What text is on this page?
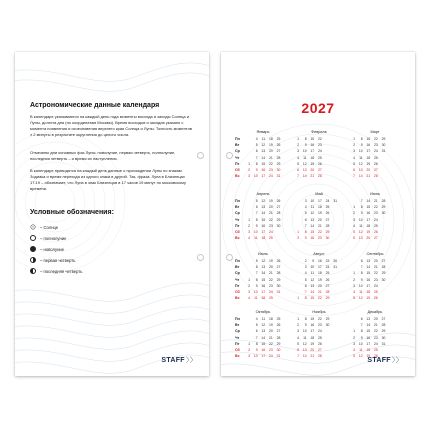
Астрономические данные календаря
В календаре указываются на каждый день года моменты восхода и заходы Солнца и Луны, долгота дня (по координатам Москвы). Время восходов и заходов указано с момента появления и исчезновения верхнего края Солнца и Луны. Точность моментов ± 2 минуты в результате округления до целого числа.
Отмечены дни основных фаз Луны: новолуние, первая четверть, полнолуние, последняя четверть – и время их наступления.
В календаре приводятся на каждый день данные о прохождении Луны по знакам Зодиака и время перехода из одного знака в другой. Так, фраза: Луна в Близнецах 17:19 – обозначает, что Луна в знак Близнецов в 17 часов 19 минут по московскому времени.
Условные обозначения:
– Солнце
– полнолуние
– новолуние
– первая четверть
– последняя четверть
STAFF〉〉
2027
Январь
Пн
Вт
Ср
Чт
Пт
Сб
Вс
1
2
3
4
5
6
7
8
9
10
11
12
13
14
15
16
17
18
19
20
21
22
23
24
25
26
27
28
29
30
31
Февраль
1
2
3
4
5
6
7
8
9
10
11
12
13
14
15
16
17
18
19
20
21
22
23
24
25
26
27
28
Март
1
2
3
4
5
6
7
8
9
10
11
12
13
14
15
16
17
18
19
20
21
22
23
24
25
26
27
28
29
30
31
Апрель
Пн
Вт
Ср
Чт
Пт
Сб
Вс
1
2
3
4
5
6
7
8
9
10
11
12
13
14
15
16
17
18
19
20
21
22
23
24
25
26
27
28
29
30
Май
1
2
3
4
5
6
7
8
9
10
11
12
13
14
15
16
17
18
19
20
21
22
23
24
25
26
27
28
29
30
31
Июнь
1
2
3
4
5
6
7
8
9
10
11
12
13
14
15
16
17
18
19
20
21
22
23
24
25
26
27
28
29
30
Июль
Пн
Вт
Ср
Чт
Пт
Сб
Вс
1
2
3
4
5
6
7
8
9
10
11
12
13
14
15
16
17
18
19
20
21
22
23
24
25
26
27
28
29
30
31
Август
1
2
3
4
5
6
7
8
9
10
11
12
13
14
15
16
17
18
19
20
21
22
23
24
25
26
27
28
29
30
31
Сентябрь
1
2
3
4
5
6
7
8
9
10
11
12
13
14
15
16
17
18
19
20
21
22
23
24
25
26
27
28
29
30
Октябрь
Пн
Вт
Ср
Чт
Пт
Сб
Вс
1
2
3
4
5
6
7
8
9
10
11
12
13
14
15
16
17
18
19
20
21
22
23
24
25
26
27
28
29
30
31
Ноябрь
1
2
3
4
5
6
7
8
9
10
11
12
13
14
15
16
17
18
19
20
21
22
23
24
25
26
27
28
29
30
Декабрь
1
2
3
4
5
6
7
8
9
10
11
12
13
14
15
16
17
18
19
20
21
22
23
24
25
26
27
28
29
30
31
STAFF〉〉
